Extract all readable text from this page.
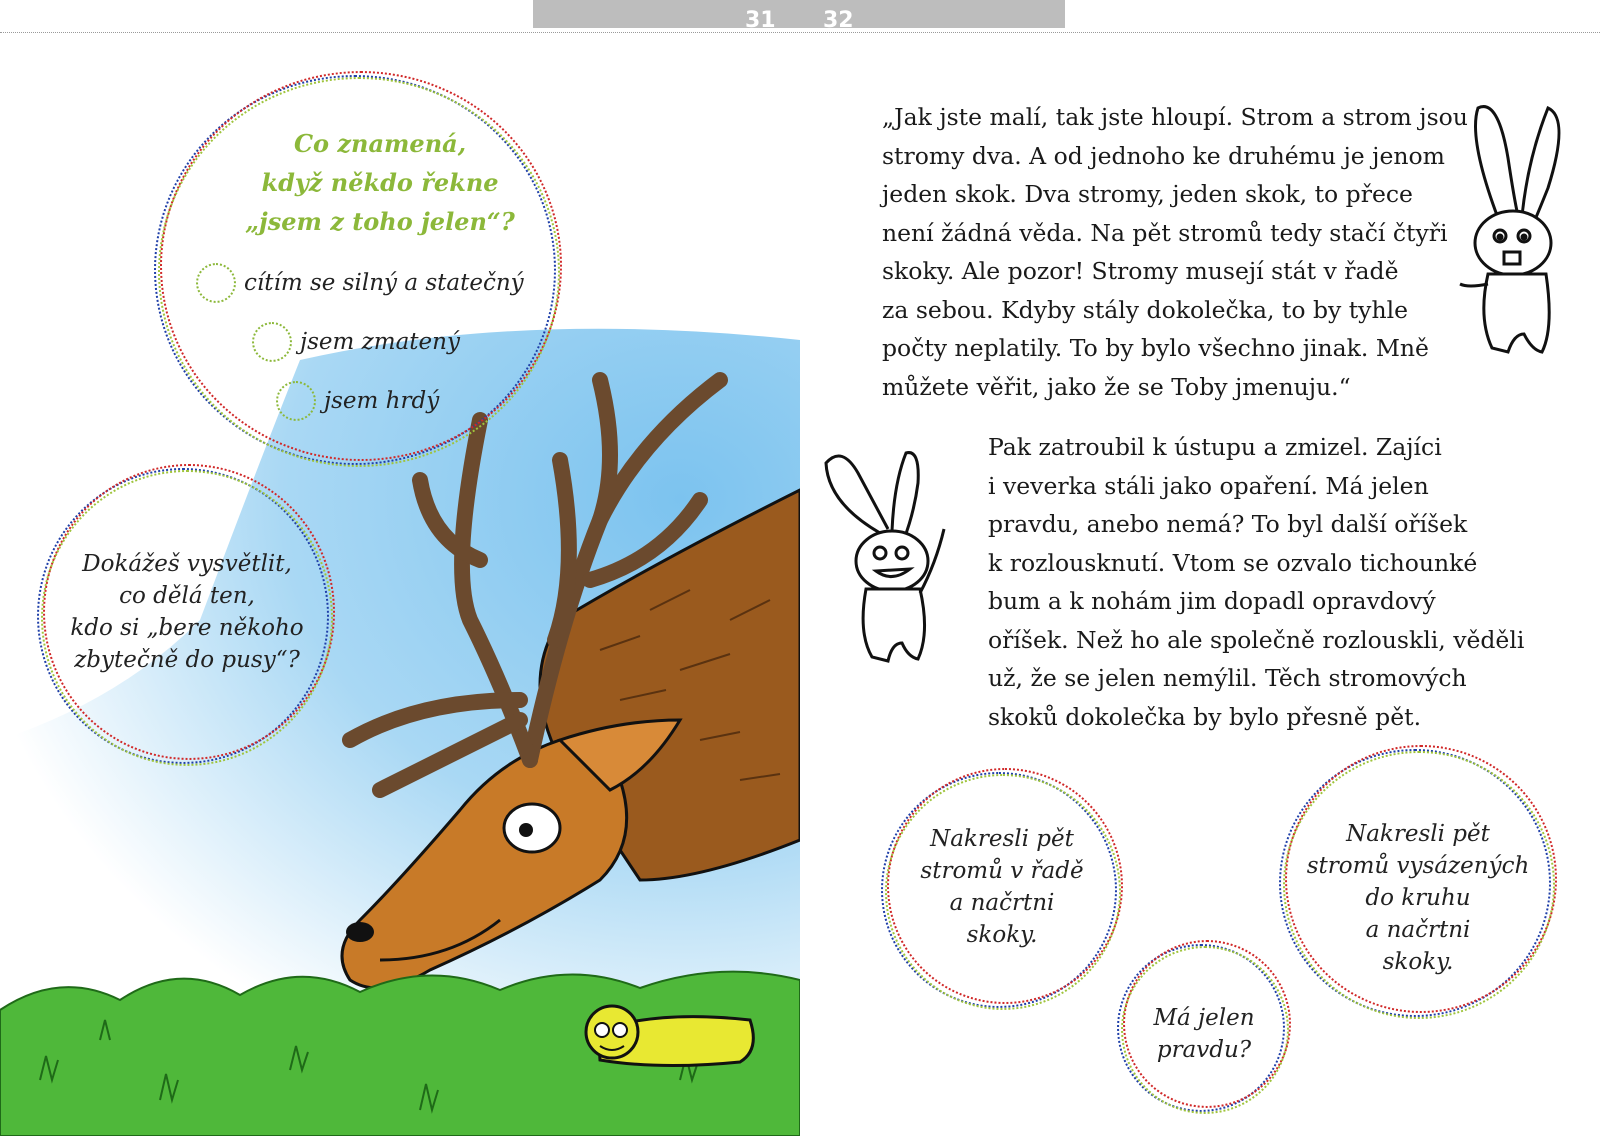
31 32
Co znamená,
když někdo řekne
„jsem z toho jelen“?
cítím se silný a statečný
jsem zmatený
jsem hrdý
Dokážeš vysvětlit,
co dělá ten,
kdo si „bere někoho
zbytečně do pusy“?
„Jak jste malí, tak jste hloupí. Strom a strom jsou
stromy dva. A od jednoho ke druhému je jenom
jeden skok. Dva stromy, jeden skok, to přece
není žádná věda. Na pět stromů tedy stačí čtyři
skoky. Ale pozor! Stromy musejí stát v řadě
za sebou. Kdyby stály dokolečka, to by tyhle
počty neplatily. To by bylo všechno jinak. Mně
můžete věřit, jako že se Toby jmenuju.“
Pak zatroubil k ústupu a zmizel. Zajíci
i veverka stáli jako opaření. Má jelen
pravdu, anebo nemá? To byl další oříšek
k rozlousknutí. Vtom se ozvalo tichounké
bum a k nohám jim dopadl opravdový
oříšek. Než ho ale společně rozlouskli, věděli
už, že se jelen nemýlil. Těch stromových
skoků dokolečka by bylo přesně pět.
Nakresli pět
stromů v řadě
a načrtni
skoky.
Nakresli pět
stromů vysázených
do kruhu
a načrtni
skoky.
Má jelen
pravdu?
